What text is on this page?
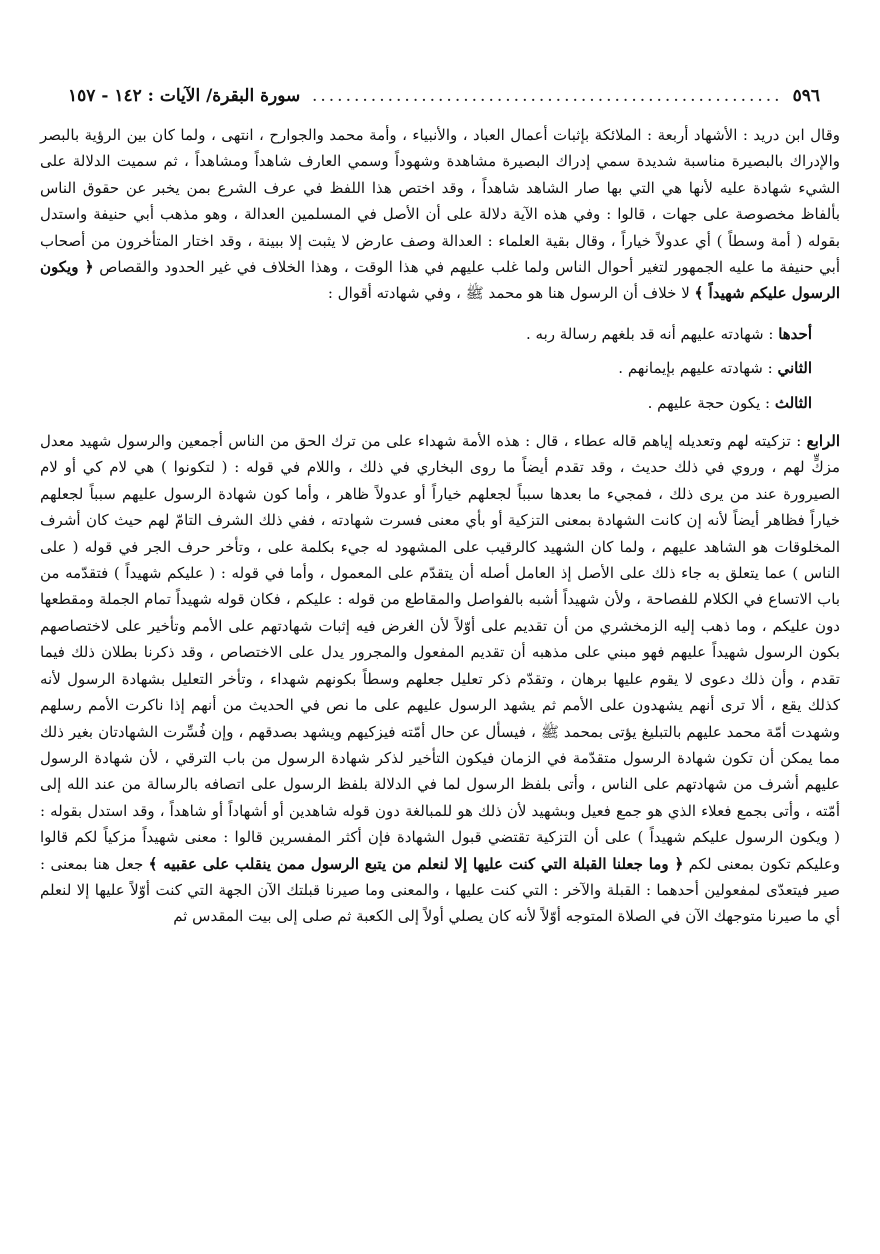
٥٩٦
.....
سورة البقرة/ الآيات : ١٤٢ - ١٥٧

وقال ابن دريد : الأشهاد أربعة : الملائكة بإثبات أعمال العباد ، والأنبياء ، وأمة محمد والجوارح ، انتهى ، ولما كان بين الرؤية بالبصر والإدراك بالبصيرة مناسبة شديدة سمي إدراك البصيرة مشاهدة وشهوداً وسمي العارف شاهداً ومشاهداً ، ثم سميت الدلالة على الشيء شهادة عليه لأنها هي التي بها صار الشاهد شاهداً ، وقد اختص هذا اللفظ في عرف الشرع بمن يخبر عن حقوق الناس بألفاظ مخصوصة على جهات ، قالوا : وفي هذه الآية دلالة على أن الأصل في المسلمين العدالة ، وهو مذهب أبي حنيفة واستدل بقوله ( أمة وسطاً ) أي عدولاً خياراً ، وقال بقية العلماء : العدالة وصف عارض لا يثبت إلا ببينة ، وقد اختار المتأخرون من أصحاب أبي حنيفة ما عليه الجمهور لتغير أحوال الناس ولما غلب عليهم في هذا الوقت ، وهذا الخلاف في غير الحدود والقصاص ﴿ ويكون الرسول عليكم شهيداً ﴾ لا خلاف أن الرسول هنا هو محمد ﷺ ، وفي شهادته أقوال :

أحدها : شهادته عليهم أنه قد بلغهم رسالة ربه .
الثاني : شهادته عليهم بإيمانهم .
الثالث : يكون حجة عليهم .

الرابع : تزكيته لهم وتعديله إياهم قاله عطاء ، قال : هذه الأمة شهداء على من ترك الحق من الناس أجمعين والرسول شهيد معدل مزكٍّ لهم ، وروي في ذلك حديث ، وقد تقدم أيضاً ما روى البخاري في ذلك ، واللام في قوله : ( لتكونوا ) هي لام كي أو لام الصيرورة عند من يرى ذلك ، فمجيء ما بعدها سبباً لجعلهم خياراً أو عدولاً ظاهر ، وأما كون شهادة الرسول عليهم سبباً لجعلهم خياراً فظاهر أيضاً لأنه إن كانت الشهادة بمعنى التزكية أو بأي معنى فسرت شهادته ، ففي ذلك الشرف التامّ لهم حيث كان أشرف المخلوقات هو الشاهد عليهم ، ولما كان الشهيد كالرقيب على المشهود له جيء بكلمة على ، وتأخر حرف الجر في قوله ( على الناس ) عما يتعلق به جاء ذلك على الأصل إذ العامل أصله أن يتقدّم على المعمول ، وأما في قوله : ( عليكم شهيداً ) فتقدّمه من باب الاتساع في الكلام للفصاحة ، ولأن شهيداً أشبه بالفواصل والمقاطع من قوله : عليكم ، فكان قوله شهيداً تمام الجملة ومقطعها دون عليكم ، وما ذهب إليه الزمخشري من أن تقديم على أوّلاً لأن الغرض فيه إثبات شهادتهم على الأمم وتأخير على لاختصاصهم بكون الرسول شهيداً عليهم فهو مبني على مذهبه أن تقديم المفعول والمجرور يدل على الاختصاص ، وقد ذكرنا بطلان ذلك فيما تقدم ، وأن ذلك دعوى لا يقوم عليها برهان ، وتقدّم ذكر تعليل جعلهم وسطاً بكونهم شهداء ، وتأخر التعليل بشهادة الرسول لأنه كذلك يقع ، ألا ترى أنهم يشهدون على الأمم ثم يشهد الرسول عليهم على ما نص في الحديث من أنهم إذا ناكرت الأمم رسلهم وشهدت أمّة محمد عليهم بالتبليغ يؤتى بمحمد ﷺ ، فيسأل عن حال أمّته فيزكيهم ويشهد بصدقهم ، وإن فُسِّرت الشهادتان بغير ذلك مما يمكن أن تكون شهادة الرسول متقدّمة في الزمان فيكون التأخير لذكر شهادة الرسول من باب الترقي ، لأن شهادة الرسول عليهم أشرف من شهادتهم على الناس ، وأتى بلفظ الرسول لما في الدلالة بلفظ الرسول على اتصافه بالرسالة من عند الله إلى أمّته ، وأتى بجمع فعلاء الذي هو جمع فعيل وبشهيد لأن ذلك هو للمبالغة دون قوله شاهدين أو أشهاداً أو شاهداً ، وقد استدل بقوله : ( ويكون الرسول عليكم شهيداً ) على أن التزكية تقتضي قبول الشهادة فإن أكثر المفسرين قالوا : معنى شهيداً مزكياً لكم قالوا وعليكم تكون بمعنى لكم ﴿ وما جعلنا القبلة التي كنت عليها إلا لنعلم من يتبع الرسول ممن ينقلب على عقبيه ﴾ جعل هنا بمعنى : صير فيتعدّى لمفعولين أحدهما : القبلة والآخر : التي كنت عليها ، والمعنى وما صيرنا قبلتك الآن الجهة التي كنت أوّلاً عليها إلا لنعلم أي ما صيرنا متوجهك الآن في الصلاة المتوجه أوّلاً لأنه كان يصلي أولاً إلى الكعبة ثم صلى إلى بيت المقدس ثم
